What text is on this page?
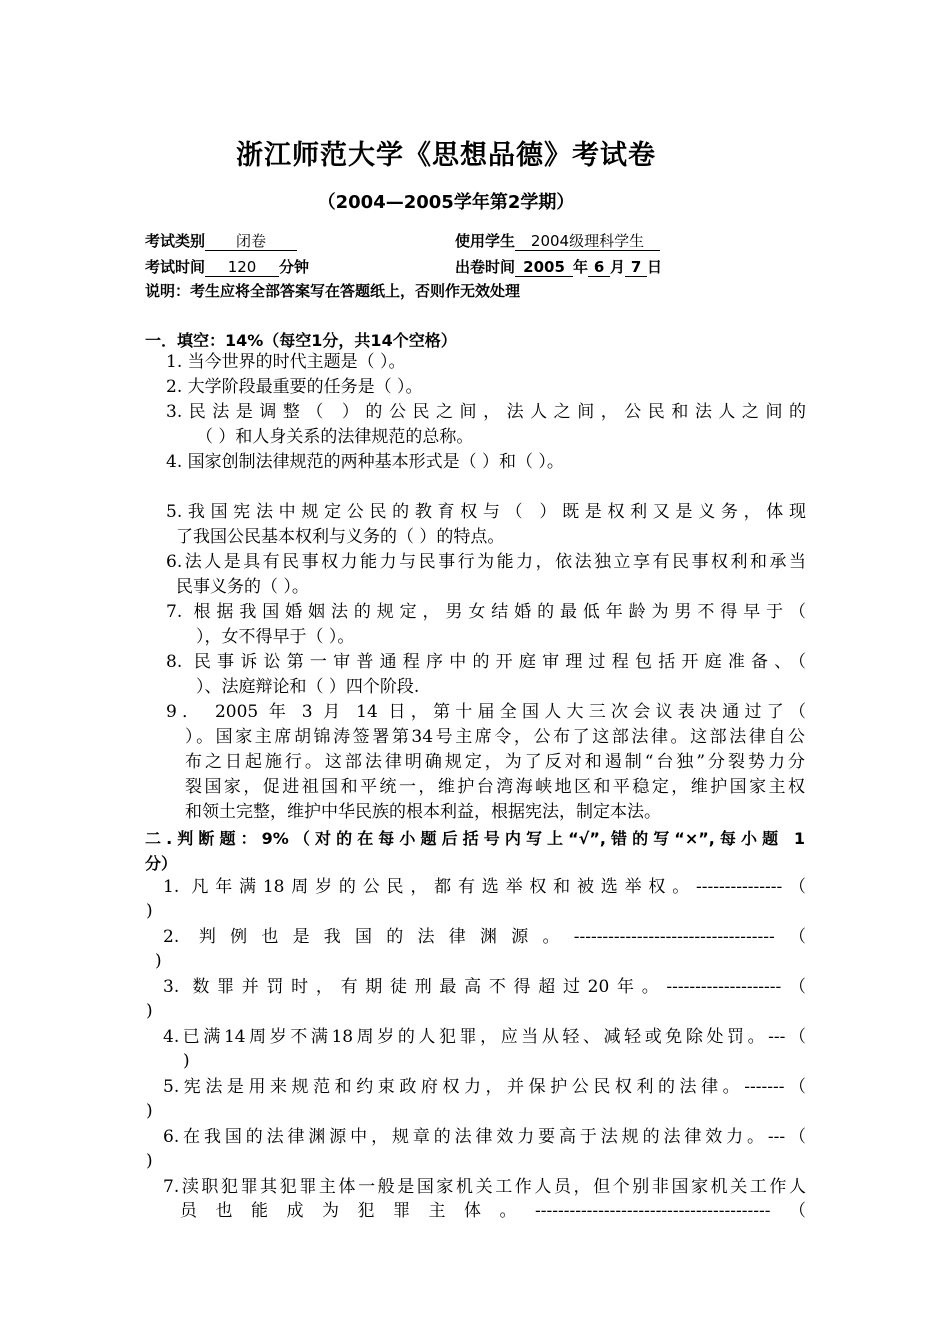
浙江师范大学《思想品德》考试卷
（2004—2005学年第2学期）
考试类别 闭卷	使用学生 2004级理科学生
考试时间 120 分钟	出卷时间 2005 年 6 月 7 日
说明：考生应将全部答案写在答题纸上，否则作无效处理
一．填空：14%（每空1分，共14个空格）
1. 当今世界的时代主题是（ ）。
2. 大学阶段最重要的任务是（ ）。
3.民法是调整（ ）的公民之间，法人之间，公民和法人之间的
（ ）和人身关系的法律规范的总称。
4. 国家创制法律规范的两种基本形式是（ ）和（ ）。
5.我国宪法中规定公民的教育权与（ ）既是权利又是义务，体现
了我国公民基本权利与义务的（ ）的特点。
6.法人是具有民事权力能力与民事行为能力，依法独立享有民事权利和承当
民事义务的（ ）。
7. 根据我国婚姻法的规定，男女结婚的最低年龄为男不得早于（
），女不得早于（ ）。
8. 民事诉讼第一审普通程序中的开庭审理过程包括开庭准备、（
）、法庭辩论和（ ）四个阶段.
9． 2005 年 3 月 14 日，第十届全国人大三次会议表决通过了（
）。国家主席胡锦涛签署第34号主席令，公布了这部法律。这部法律自公
布之日起施行。这部法律明确规定，为了反对和遏制“台独”分裂势力分
裂国家，促进祖国和平统一，维护台湾海峡地区和平稳定，维护国家主权
和领土完整，维护中华民族的根本利益，根据宪法，制定本法。
二.判断题：9%（对的在每小题后括号内写上“√”,错的写“×”,每小题 1
分）
1. 凡年满18周岁的公民，都有选举权和被选举权。---------------（
)
2. 判例也是我国的法律渊源。-----------------------------------（
)
3. 数罪并罚时，有期徒刑最高不得超过20年。--------------------（
)
4.已满14周岁不满18周岁的人犯罪，应当从轻、减轻或免除处罚。---（
)
5.宪法是用来规范和约束政府权力，并保护公民权利的法律。-------（
)
6.在我国的法律渊源中，规章的法律效力要高于法规的法律效力。---（
)
7.渎职犯罪其犯罪主体一般是国家机关工作人员，但个别非国家机关工作人
员也能成为犯罪主体。-----------------------------------------（
